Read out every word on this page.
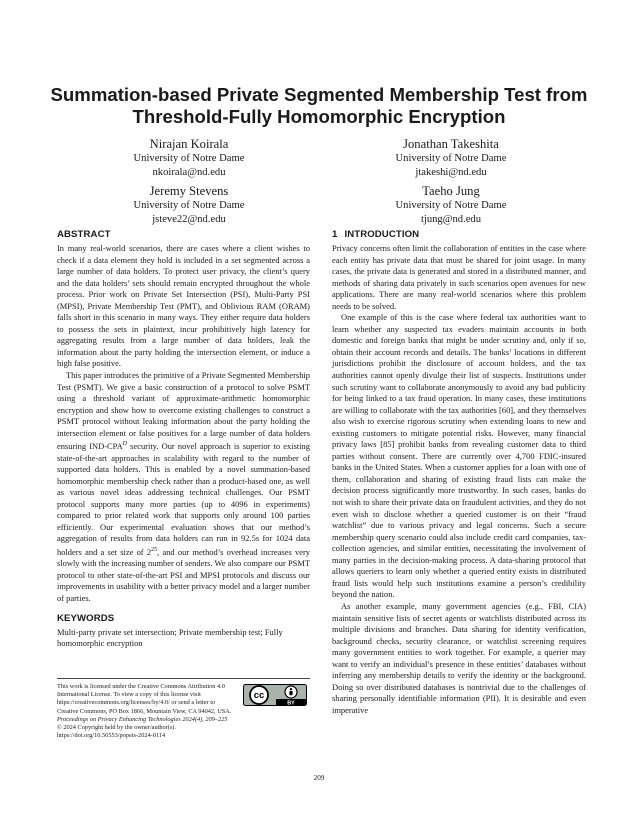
Summation-based Private Segmented Membership Test from
Threshold-Fully Homomorphic Encryption
Nirajan Koirala
University of Notre Dame
nkoirala@nd.edu
Jonathan Takeshita
University of Notre Dame
jtakeshi@nd.edu
Jeremy Stevens
University of Notre Dame
jsteve22@nd.edu
Taeho Jung
University of Notre Dame
tjung@nd.edu
ABSTRACT

In many real-world scenarios, there are cases where a client wishes to check if a data element they hold is included in a set segmented across a large number of data holders. To protect user privacy, the client’s query and the data holders’ sets should remain encrypted throughout the whole process. Prior work on Private Set Intersection (PSI), Multi-Party PSI (MPSI), Private Membership Test (PMT), and Oblivious RAM (ORAM) falls short in this scenario in many ways. They either require data holders to possess the sets in plaintext, incur prohibitively high latency for aggregating results from a large number of data holders, leak the information about the party holding the intersection element, or induce a high false positive.

This paper introduces the primitive of a Private Segmented Membership Test (PSMT). We give a basic construction of a protocol to solve PSMT using a threshold variant of approximate-arithmetic homomorphic encryption and show how to overcome existing challenges to construct a PSMT protocol without leaking information about the party holding the intersection element or false positives for a large number of data holders ensuring IND-$CPA^D$ security. Our novel approach is superior to existing state-of-the-art approaches in scalability with regard to the number of supported data holders. This is enabled by a novel summation-based homomorphic membership check rather than a product-based one, as well as various novel ideas addressing technical challenges. Our PSMT protocol supports many more parties (up to 4096 in experiments) compared to prior related work that supports only around 100 parties efficiently. Our experimental evaluation shows that our method’s aggregation of results from data holders can run in 92.5s for 1024 data holders and a set size of $2^{25}$, and our method’s overhead increases very slowly with the increasing number of senders. We also compare our PSMT protocol to other state-of-the-art PSI and MPSI protocols and discuss our improvements in usability with a better privacy model and a larger number of parties.

KEYWORDS

Multi-party private set intersection; Private membership test; Fully homomorphic encryption

This work is licensed under the Creative Commons Attribution 4.0 International License. To view a copy of this license visit https://creativecommons.org/licenses/by/4.0/ or send a letter to Creative Commons, PO Box 1866, Mountain View, CA 94042, USA.
cc
BY
Proceedings on Privacy Enhancing Technologies 2024(4), 209–225
© 2024 Copyright held by the owner/author(s).
https://doi.org/10.56553/popets-2024-0114
1 INTRODUCTION

Privacy concerns often limit the collaboration of entities in the case where each entity has private data that must be shared for joint usage. In many cases, the private data is generated and stored in a distributed manner, and methods of sharing data privately in such scenarios open avenues for new applications. There are many real-world scenarios where this problem needs to be solved.

One example of this is the case where federal tax authorities want to learn whether any suspected tax evaders maintain accounts in both domestic and foreign banks that might be under scrutiny and, only if so, obtain their account records and details. The banks’ locations in different jurisdictions prohibit the disclosure of account holders, and the tax authorities cannot openly divulge their list of suspects. Institutions under such scrutiny want to collaborate anonymously to avoid any bad publicity for being linked to a tax fraud operation. In many cases, these institutions are willing to collaborate with the tax authorities [60], and they themselves also wish to exercise rigorous scrutiny when extending loans to new and existing customers to mitigate potential risks. However, many financial privacy laws [85] prohibit banks from revealing customer data to third parties without consent. There are currently over 4,700 FDIC-insured banks in the United States. When a customer applies for a loan with one of them, collaboration and sharing of existing fraud lists can make the decision process significantly more trustworthy. In such cases, banks do not wish to share their private data on fraudulent activities, and they do not even wish to disclose whether a queried customer is on their “fraud watchlist” due to various privacy and legal concerns. Such a secure membership query scenario could also include credit card companies, tax-collection agencies, and similar entities, necessitating the involvement of many parties in the decision-making process. A data-sharing protocol that allows queriers to learn only whether a queried entity exists in distributed fraud lists would help such institutions examine a person’s credibility beyond the nation.

As another example, many government agencies (e.g., FBI, CIA) maintain sensitive lists of secret agents or watchlists distributed across its multiple divisions and branches. Data sharing for identity verification, background checks, security clearance, or watchlist screening requires many government entities to work together. For example, a querier may want to verify an individual’s presence in these entities’ databases without inferring any membership details to verify the identity or the background. Doing so over distributed databases is nontrivial due to the challenges of sharing personally identifiable information (PII). It is desirable and even imperative

209
